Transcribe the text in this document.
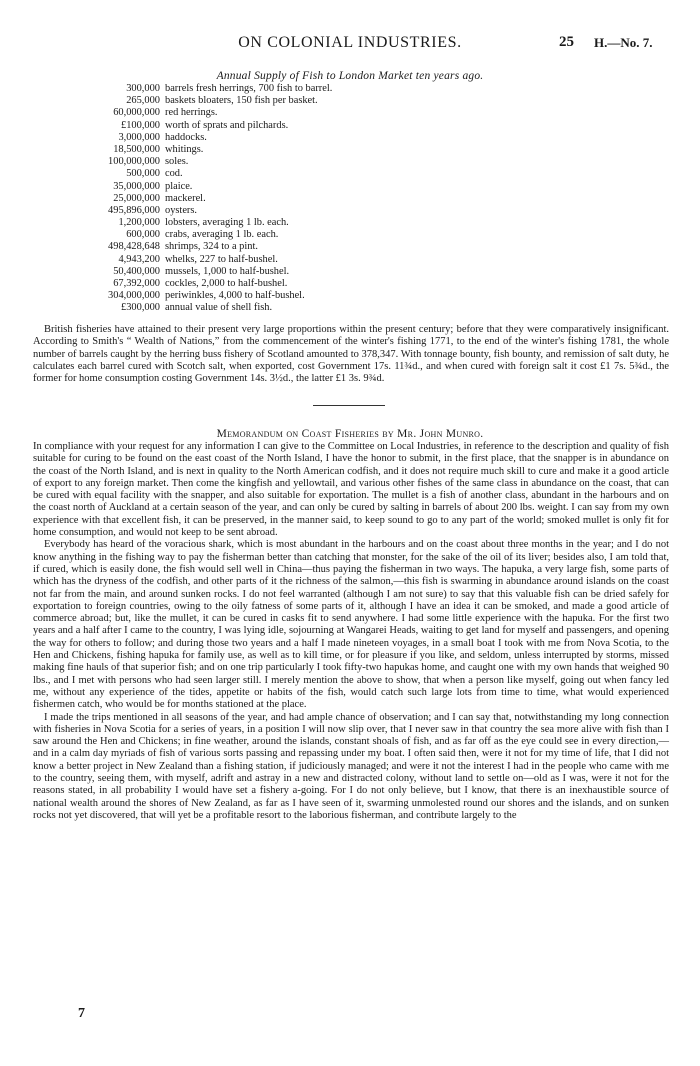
ON COLONIAL INDUSTRIES.	25 H.—No. 7.
Annual Supply of Fish to London Market ten years ago.
300,000 barrels fresh herrings, 700 fish to barrel.
265,000 baskets bloaters, 150 fish per basket.
60,000,000 red herrings.
£100,000 worth of sprats and pilchards.
3,000,000 haddocks.
18,500,000 whitings.
100,000,000 soles.
500,000 cod.
35,000,000 plaice.
25,000,000 mackerel.
495,896,000 oysters.
1,200,000 lobsters, averaging 1 lb. each.
600,000 crabs, averaging 1 lb. each.
498,428,648 shrimps, 324 to a pint.
4,943,200 whelks, 227 to half-bushel.
50,400,000 mussels, 1,000 to half-bushel.
67,392,000 cockles, 2,000 to half-bushel.
304,000,000 periwinkles, 4,000 to half-bushel.
£300,000 annual value of shell fish.

British fisheries have attained to their present very large proportions within the present century; before that they were comparatively insignificant. According to Smith's “ Wealth of Nations,” from the commencement of the winter's fishing 1771, to the end of the winter's fishing 1781, the whole number of barrels caught by the herring buss fishery of Scotland amounted to 378,347. With tonnage bounty, fish bounty, and remission of salt duty, he calculates each barrel cured with Scotch salt, when exported, cost Government 17s. 11¾d., and when cured with foreign salt it cost £1 7s. 5¾d., the former for home consumption costing Government 14s. 3½d., the latter £1 3s. 9¾d.

Memorandum on Coast Fisheries by Mr. John Munro.

In compliance with your request for any information I can give to the Committee on Local Industries, in reference to the description and quality of fish suitable for curing to be found on the east coast of the North Island, I have the honor to submit, in the first place, that the snapper is in abundance on the coast of the North Island, and is next in quality to the North American codfish, and it does not require much skill to cure and make it a good article of export to any foreign market. Then come the kingfish and yellowtail, and various other fishes of the same class in abundance on the coast, that can be cured with equal facility with the snapper, and also suitable for exportation. The mullet is a fish of another class, abundant in the harbours and on the coast north of Auckland at a certain season of the year, and can only be cured by salting in barrels of about 200 lbs. weight. I can say from my own experience with that excellent fish, it can be preserved, in the manner said, to keep sound to go to any part of the world; smoked mullet is only fit for home consumption, and would not keep to be sent abroad.

Everybody has heard of the voracious shark, which is most abundant in the harbours and on the coast about three months in the year; and I do not know anything in the fishing way to pay the fisherman better than catching that monster, for the sake of the oil of its liver; besides also, I am told that, if cured, which is easily done, the fish would sell well in China—thus paying the fisherman in two ways. The hapuka, a very large fish, some parts of which has the dryness of the codfish, and other parts of it the richness of the salmon,—this fish is swarming in abundance around islands on the coast not far from the main, and around sunken rocks. I do not feel warranted (although I am not sure) to say that this valuable fish can be dried safely for exportation to foreign countries, owing to the oily fatness of some parts of it, although I have an idea it can be smoked, and made a good article of commerce abroad; but, like the mullet, it can be cured in casks fit to send anywhere. I had some little experience with the hapuka. For the first two years and a half after I came to the country, I was lying idle, sojourning at Wangarei Heads, waiting to get land for myself and passengers, and opening the way for others to follow; and during those two years and a half I made nineteen voyages, in a small boat I took with me from Nova Scotia, to the Hen and Chickens, fishing hapuka for family use, as well as to kill time, or for pleasure if you like, and seldom, unless interrupted by storms, missed making fine hauls of that superior fish; and on one trip particularly I took fifty-two hapukas home, and caught one with my own hands that weighed 90 lbs., and I met with persons who had seen larger still. I merely mention the above to show, that when a person like myself, going out when fancy led me, without any experience of the tides, appetite or habits of the fish, would catch such large lots from time to time, what would experienced fishermen catch, who would be for months stationed at the place.

I made the trips mentioned in all seasons of the year, and had ample chance of observation; and I can say that, notwithstanding my long connection with fisheries in Nova Scotia for a series of years, in a position I will now slip over, that I never saw in that country the sea more alive with fish than I saw around the Hen and Chickens; in fine weather, around the islands, constant shoals of fish, and as far off as the eye could see in every direction,—and in a calm day myriads of fish of various sorts passing and repassing under my boat. I often said then, were it not for my time of life, that I did not know a better project in New Zealand than a fishing station, if judiciously managed; and were it not the interest I had in the people who came with me to the country, seeing them, with myself, adrift and astray in a new and distracted colony, without land to settle on—old as I was, were it not for the reasons stated, in all probability I would have set a fishery a-going. For I do not only believe, but I know, that there is an inexhaustible source of national wealth around the shores of New Zealand, as far as I have seen of it, swarming unmolested round our shores and the islands, and on sunken rocks not yet discovered, that will yet be a profitable resort to the laborious fisherman, and contribute largely to the

7
